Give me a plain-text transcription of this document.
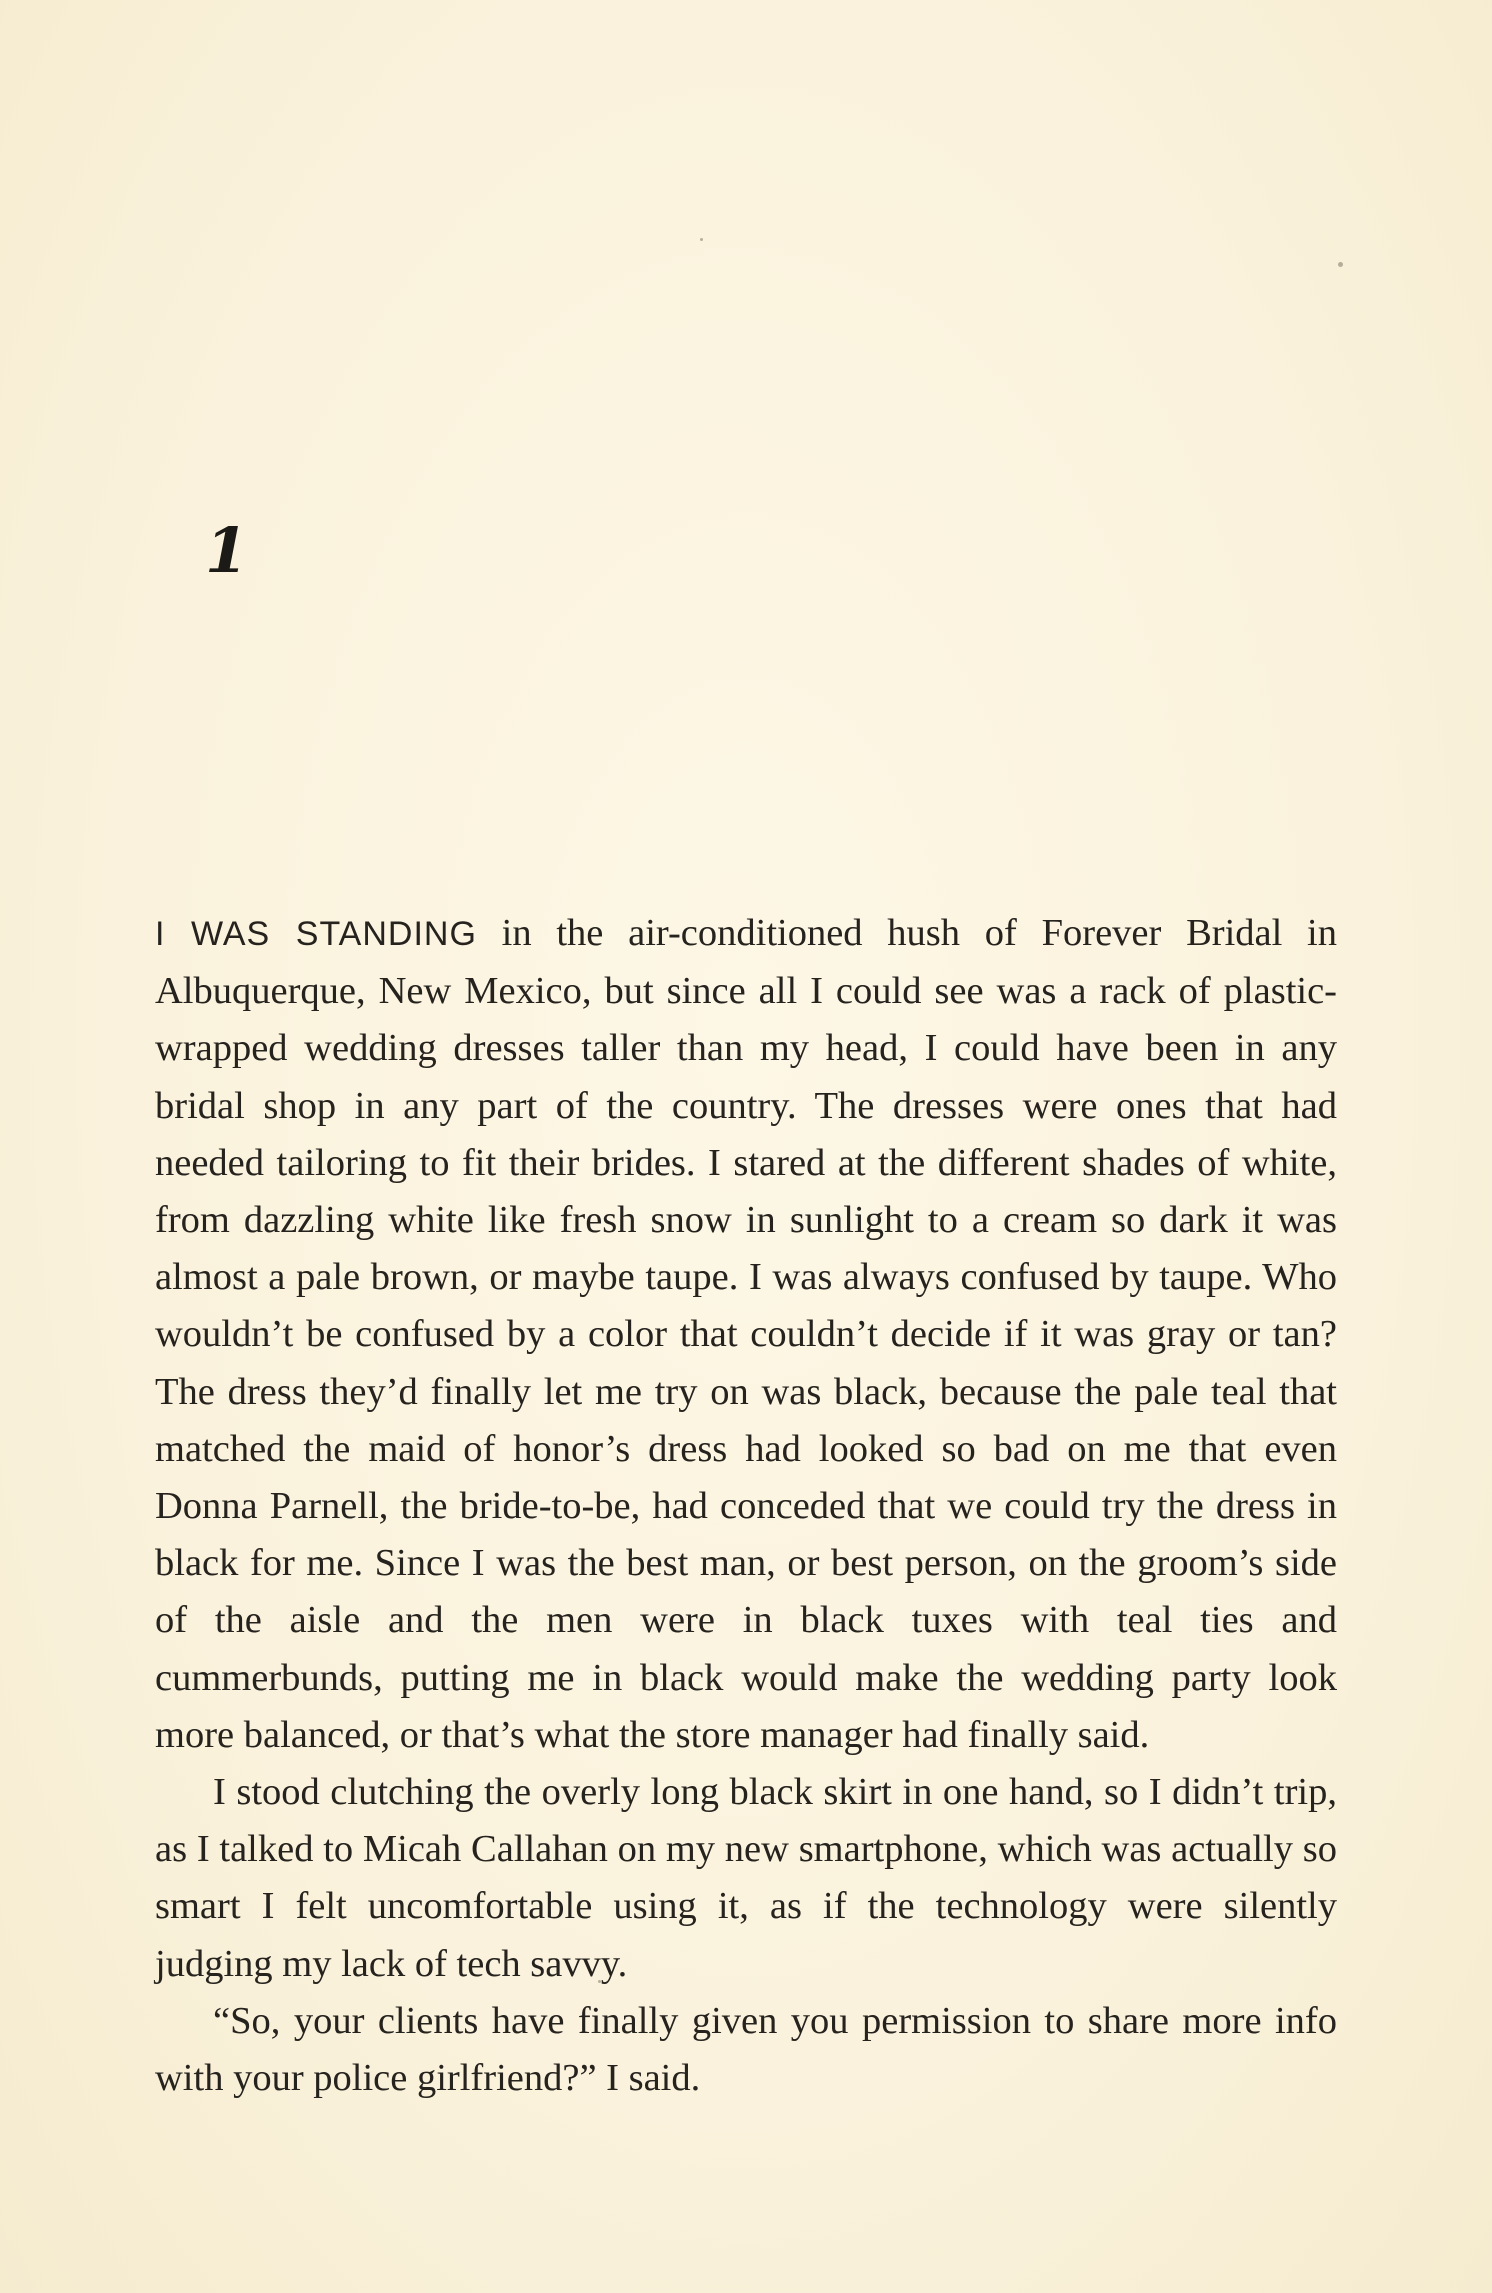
1

I WAS STANDING in the air-conditioned hush of Forever Bridal in Albuquerque, New Mexico, but since all I could see was a rack of plastic-wrapped wedding dresses taller than my head, I could have been in any bridal shop in any part of the country. The dresses were ones that had needed tailoring to fit their brides. I stared at the different shades of white, from dazzling white like fresh snow in sunlight to a cream so dark it was almost a pale brown, or maybe taupe. I was always confused by taupe. Who wouldn’t be confused by a color that couldn’t decide if it was gray or tan? The dress they’d finally let me try on was black, because the pale teal that matched the maid of honor’s dress had looked so bad on me that even Donna Parnell, the bride-to-be, had conceded that we could try the dress in black for me. Since I was the best man, or best person, on the groom’s side of the aisle and the men were in black tuxes with teal ties and cummerbunds, putting me in black would make the wedding party look more balanced, or that’s what the store manager had finally said.

I stood clutching the overly long black skirt in one hand, so I didn’t trip, as I talked to Micah Callahan on my new smartphone, which was actually so smart I felt uncomfortable using it, as if the technology were silently judging my lack of tech savvy.

“So, your clients have finally given you permission to share more info with your police girlfriend?” I said.
